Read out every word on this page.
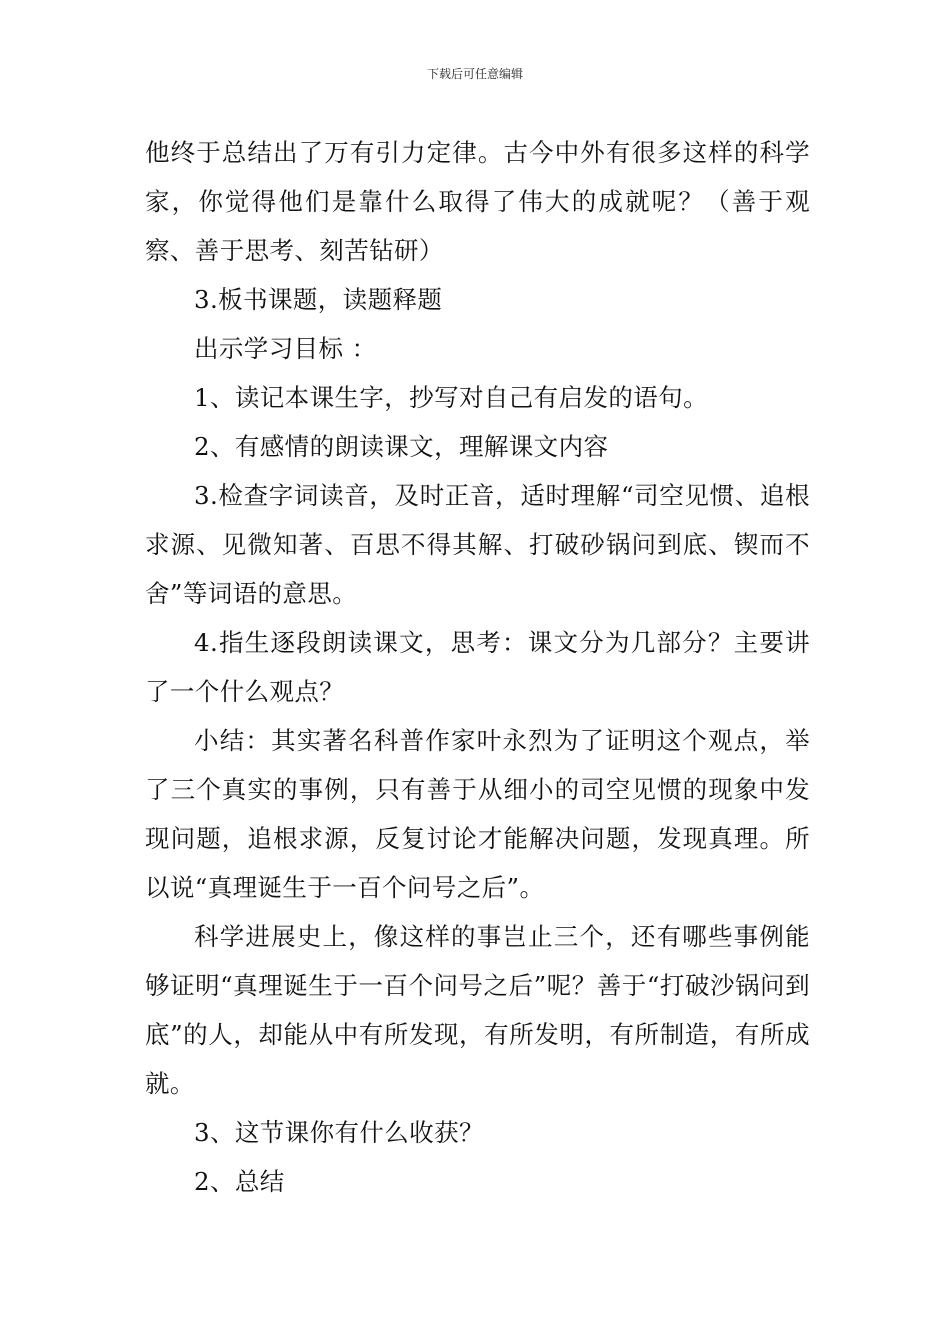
下载后可任意编辑

他终于总结出了万有引力定律。古今中外有很多这样的科学家，你觉得他们是靠什么取得了伟大的成就呢？（善于观察、善于思考、刻苦钻研）

3.板书课题，读题释题

出示学习目标 ：

1、读记本课生字，抄写对自己有启发的语句。

2、有感情的朗读课文，理解课文内容

3.检查字词读音，及时正音，适时理解“司空见惯、追根求源、见微知著、百思不得其解、打破砂锅问到底、锲而不舍”等词语的意思。

4.指生逐段朗读课文，思考：课文分为几部分？主要讲了一个什么观点？

小结：其实著名科普作家叶永烈为了证明这个观点，举了三个真实的事例，只有善于从细小的司空见惯的现象中发现问题，追根求源，反复讨论才能解决问题，发现真理。所以说“真理诞生于一百个问号之后”。

科学进展史上，像这样的事岂止三个，还有哪些事例能够证明“真理诞生于一百个问号之后”呢？善于“打破沙锅问到底”的人，却能从中有所发现，有所发明，有所制造，有所成就。

3、这节课你有什么收获？

2、总结
